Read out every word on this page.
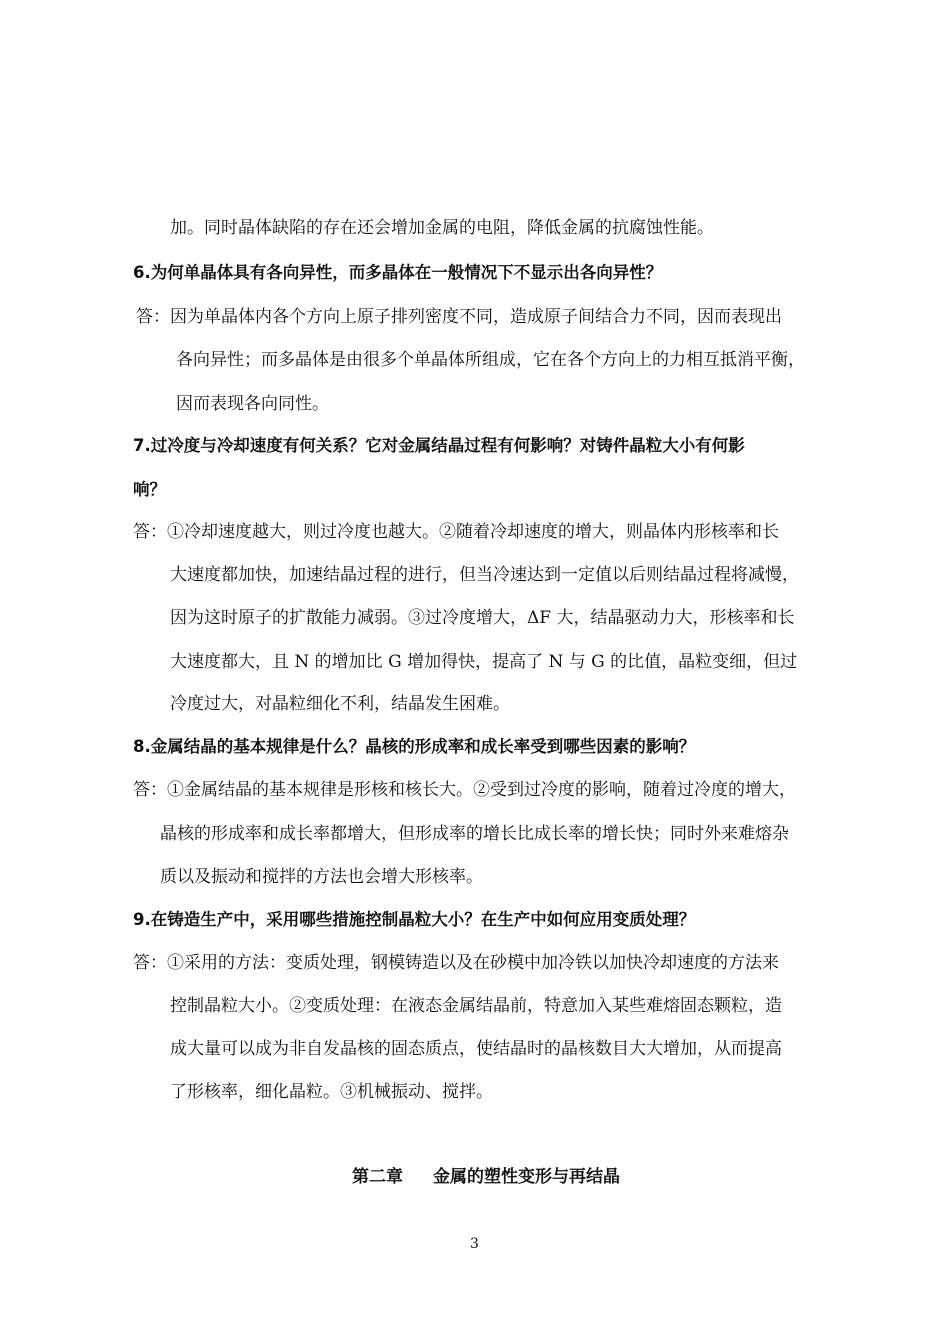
加。同时晶体缺陷的存在还会增加金属的电阻，降低金属的抗腐蚀性能。
6.为何单晶体具有各向异性，而多晶体在一般情况下不显示出各向异性？
答：因为单晶体内各个方向上原子排列密度不同，造成原子间结合力不同，因而表现出
各向异性；而多晶体是由很多个单晶体所组成，它在各个方向上的力相互抵消平衡，
因而表现各向同性。
7.过冷度与冷却速度有何关系？它对金属结晶过程有何影响？对铸件晶粒大小有何影
响？
答：①冷却速度越大，则过冷度也越大。②随着冷却速度的增大，则晶体内形核率和长
大速度都加快，加速结晶过程的进行，但当冷速达到一定值以后则结晶过程将减慢，
因为这时原子的扩散能力减弱。③过冷度增大，ΔF 大，结晶驱动力大，形核率和长
大速度都大，且 N 的增加比 G 增加得快，提高了 N 与 G 的比值，晶粒变细，但过
冷度过大，对晶粒细化不利，结晶发生困难。
8.金属结晶的基本规律是什么？晶核的形成率和成长率受到哪些因素的影响？
答：①金属结晶的基本规律是形核和核长大。②受到过冷度的影响，随着过冷度的增大，
晶核的形成率和成长率都增大，但形成率的增长比成长率的增长快；同时外来难熔杂
质以及振动和搅拌的方法也会增大形核率。
9.在铸造生产中，采用哪些措施控制晶粒大小？在生产中如何应用变质处理？
答：①采用的方法：变质处理，钢模铸造以及在砂模中加冷铁以加快冷却速度的方法来
控制晶粒大小。②变质处理：在液态金属结晶前，特意加入某些难熔固态颗粒，造
成大量可以成为非自发晶核的固态质点，使结晶时的晶核数目大大增加，从而提高
了形核率，细化晶粒。③机械振动、搅拌。
第二章 金属的塑性变形与再结晶
3
